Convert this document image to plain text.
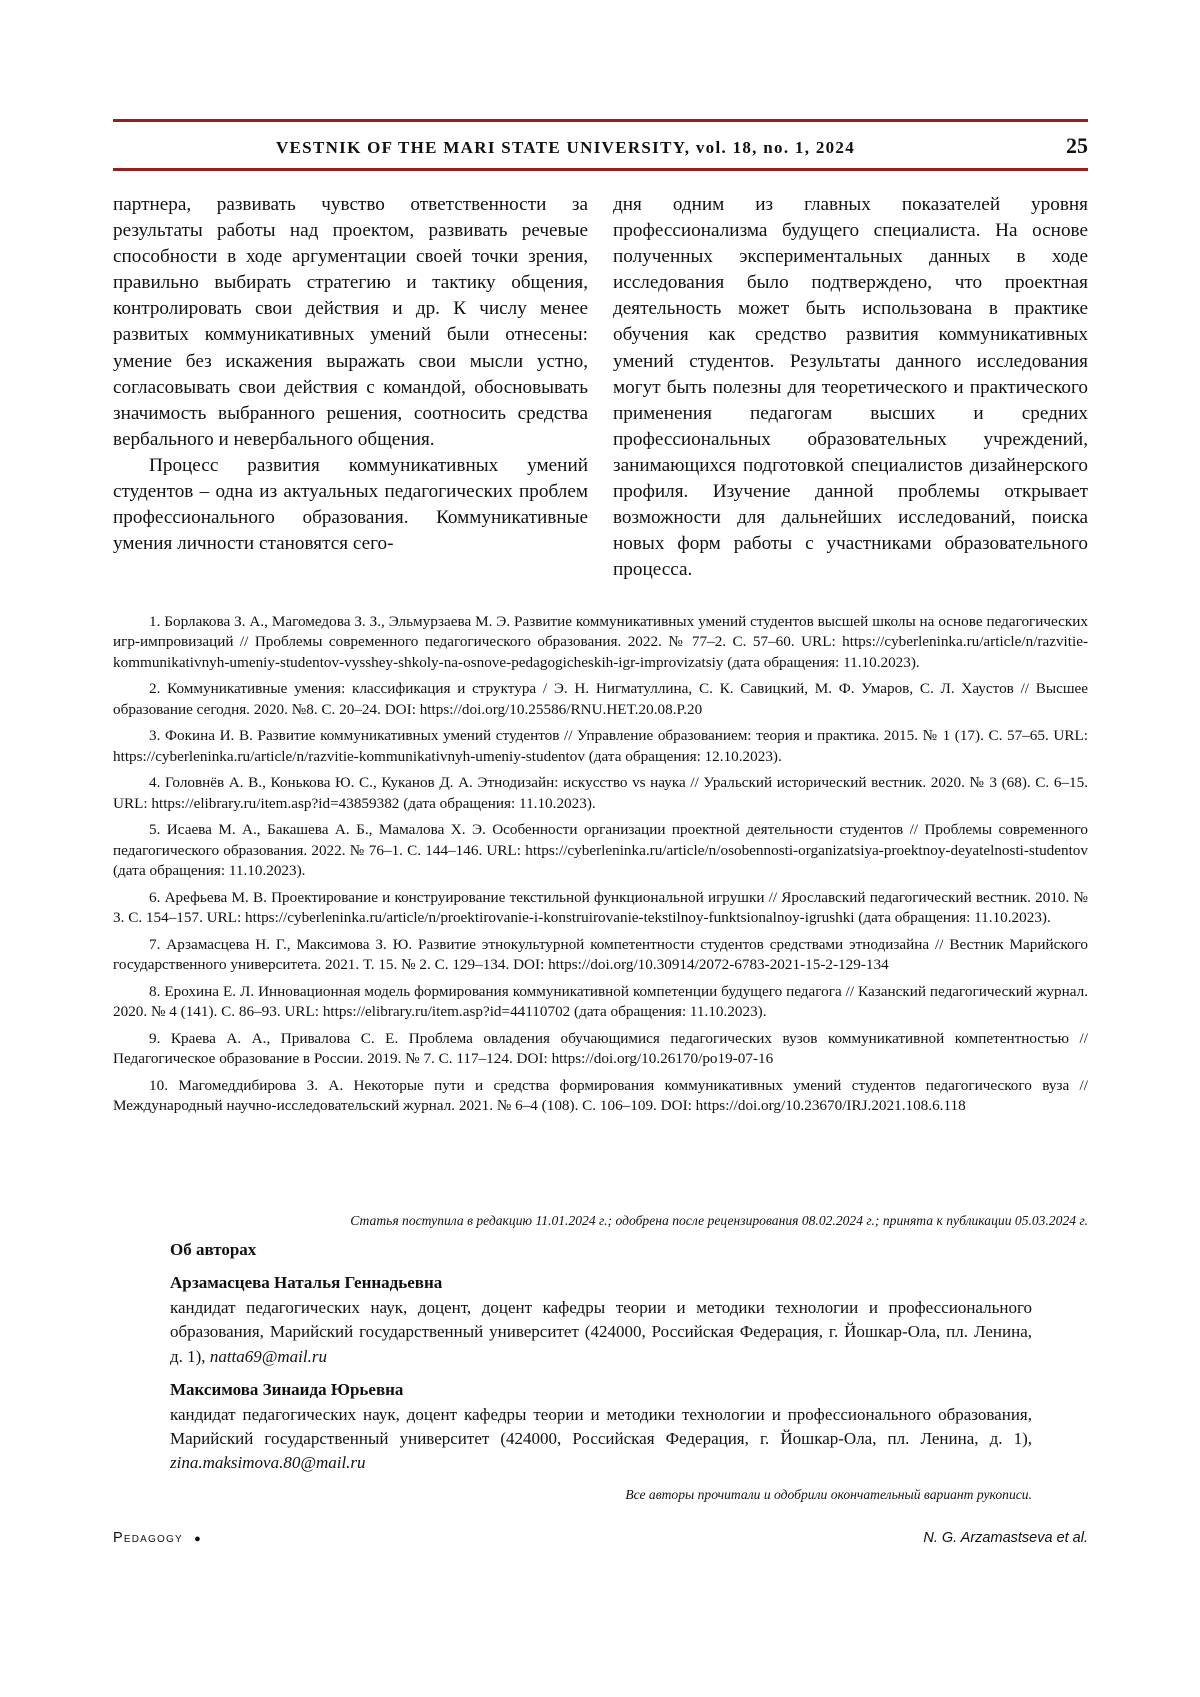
VESTNIK OF THE MARI STATE UNIVERSITY, vol. 18, no. 1, 2024	25

партнера, развивать чувство ответственности за результаты работы над проектом, развивать речевые способности в ходе аргументации своей точки зрения, правильно выбирать стратегию и тактику общения, контролировать свои действия и др. К числу менее развитых коммуникативных умений были отнесены: умение без искажения выражать свои мысли устно, согласовывать свои действия с командой, обосновывать значимость выбранного решения, соотносить средства вербального и невербального общения.

Процесс развития коммуникативных умений студентов – одна из актуальных педагогических проблем профессионального образования. Коммуникативные умения личности становятся сего-

дня одним из главных показателей уровня профессионализма будущего специалиста. На основе полученных экспериментальных данных в ходе исследования было подтверждено, что проектная деятельность может быть использована в практике обучения как средство развития коммуникативных умений студентов. Результаты данного исследования могут быть полезны для теоретического и практического применения педагогам высших и средних профессиональных образовательных учреждений, занимающихся подготовкой специалистов дизайнерского профиля. Изучение данной проблемы открывает возможности для дальнейших исследований, поиска новых форм работы с участниками образовательного процесса.

1. Борлакова З. А., Магомедова З. З., Эльмурзаева М. Э. Развитие коммуникативных умений студентов высшей школы на основе педагогических игр-импровизаций // Проблемы современного педагогического образования. 2022. № 77–2. С. 57–60. URL: https://cyberleninka.ru/article/n/razvitie-kommunikativnyh-umeniy-studentov-vysshey-shkoly-na-osnove-pedagogicheskih-igr-improvizatsiy (дата обращения: 11.10.2023).

2. Коммуникативные умения: классификация и структура / Э. Н. Нигматуллина, С. К. Савицкий, М. Ф. Умаров, С. Л. Хаустов // Высшее образование сегодня. 2020. №8. С. 20–24. DOI: https://doi.org/10.25586/RNU.HET.20.08.P.20

3. Фокина И. В. Развитие коммуникативных умений студентов // Управление образованием: теория и практика. 2015. № 1 (17). С. 57–65. URL: https://cyberleninka.ru/article/n/razvitie-kommunikativnyh-umeniy-studentov (дата обращения: 12.10.2023).

4. Головнёв А. В., Конькова Ю. С., Куканов Д. А. Этнодизайн: искусство vs наука // Уральский исторический вестник. 2020. № 3 (68). С. 6–15. URL: https://elibrary.ru/item.asp?id=43859382 (дата обращения: 11.10.2023).

5. Исаева М. А., Бакашева А. Б., Мамалова Х. Э. Особенности организации проектной деятельности студентов // Проблемы современного педагогического образования. 2022. № 76–1. С. 144–146. URL: https://cyberleninka.ru/article/n/osobennosti-organizatsiya-proektnoy-deyatelnosti-studentov (дата обращения: 11.10.2023).

6. Арефьева М. В. Проектирование и конструирование текстильной функциональной игрушки // Ярославский педагогический вестник. 2010. № 3. С. 154–157. URL: https://cyberleninka.ru/article/n/proektirovanie-i-konstruirovanie-tekstilnoy-funktsionalnoy-igrushki (дата обращения: 11.10.2023).

7. Арзамасцева Н. Г., Максимова З. Ю. Развитие этнокультурной компетентности студентов средствами этнодизайна // Вестник Марийского государственного университета. 2021. Т. 15. № 2. С. 129–134. DOI: https://doi.org/10.30914/2072-6783-2021-15-2-129-134

8. Ерохина Е. Л. Инновационная модель формирования коммуникативной компетенции будущего педагога // Казанский педагогический журнал. 2020. № 4 (141). С. 86–93. URL: https://elibrary.ru/item.asp?id=44110702 (дата обращения: 11.10.2023).

9. Краева А. А., Привалова С. Е. Проблема овладения обучающимися педагогических вузов коммуникативной компетентностью // Педагогическое образование в России. 2019. № 7. С. 117–124. DOI: https://doi.org/10.26170/po19-07-16

10. Магомеддибирова З. А. Некоторые пути и средства формирования коммуникативных умений студентов педагогического вуза // Международный научно-исследовательский журнал. 2021. № 6–4 (108). С. 106–109. DOI: https://doi.org/10.23670/IRJ.2021.108.6.118

Статья поступила в редакцию 11.01.2024 г.; одобрена после рецензирования 08.02.2024 г.; принята к публикации 05.03.2024 г.
Об авторах
Арзамасцева Наталья Геннадьевна
кандидат педагогических наук, доцент, доцент кафедры теории и методики технологии и профессионального образования, Марийский государственный университет (424000, Российская Федерация, г. Йошкар-Ола, пл. Ленина, д. 1), natta69@mail.ru
Максимова Зинаида Юрьевна
кандидат педагогических наук, доцент кафедры теории и методики технологии и профессионального образования, Марийский государственный университет (424000, Российская Федерация, г. Йошкар-Ола, пл. Ленина, д. 1), zina.maksimova.80@mail.ru
Все авторы прочитали и одобрили окончательный вариант рукописи.
Pedagogy ●	N. G. Arzamastseva et al.
